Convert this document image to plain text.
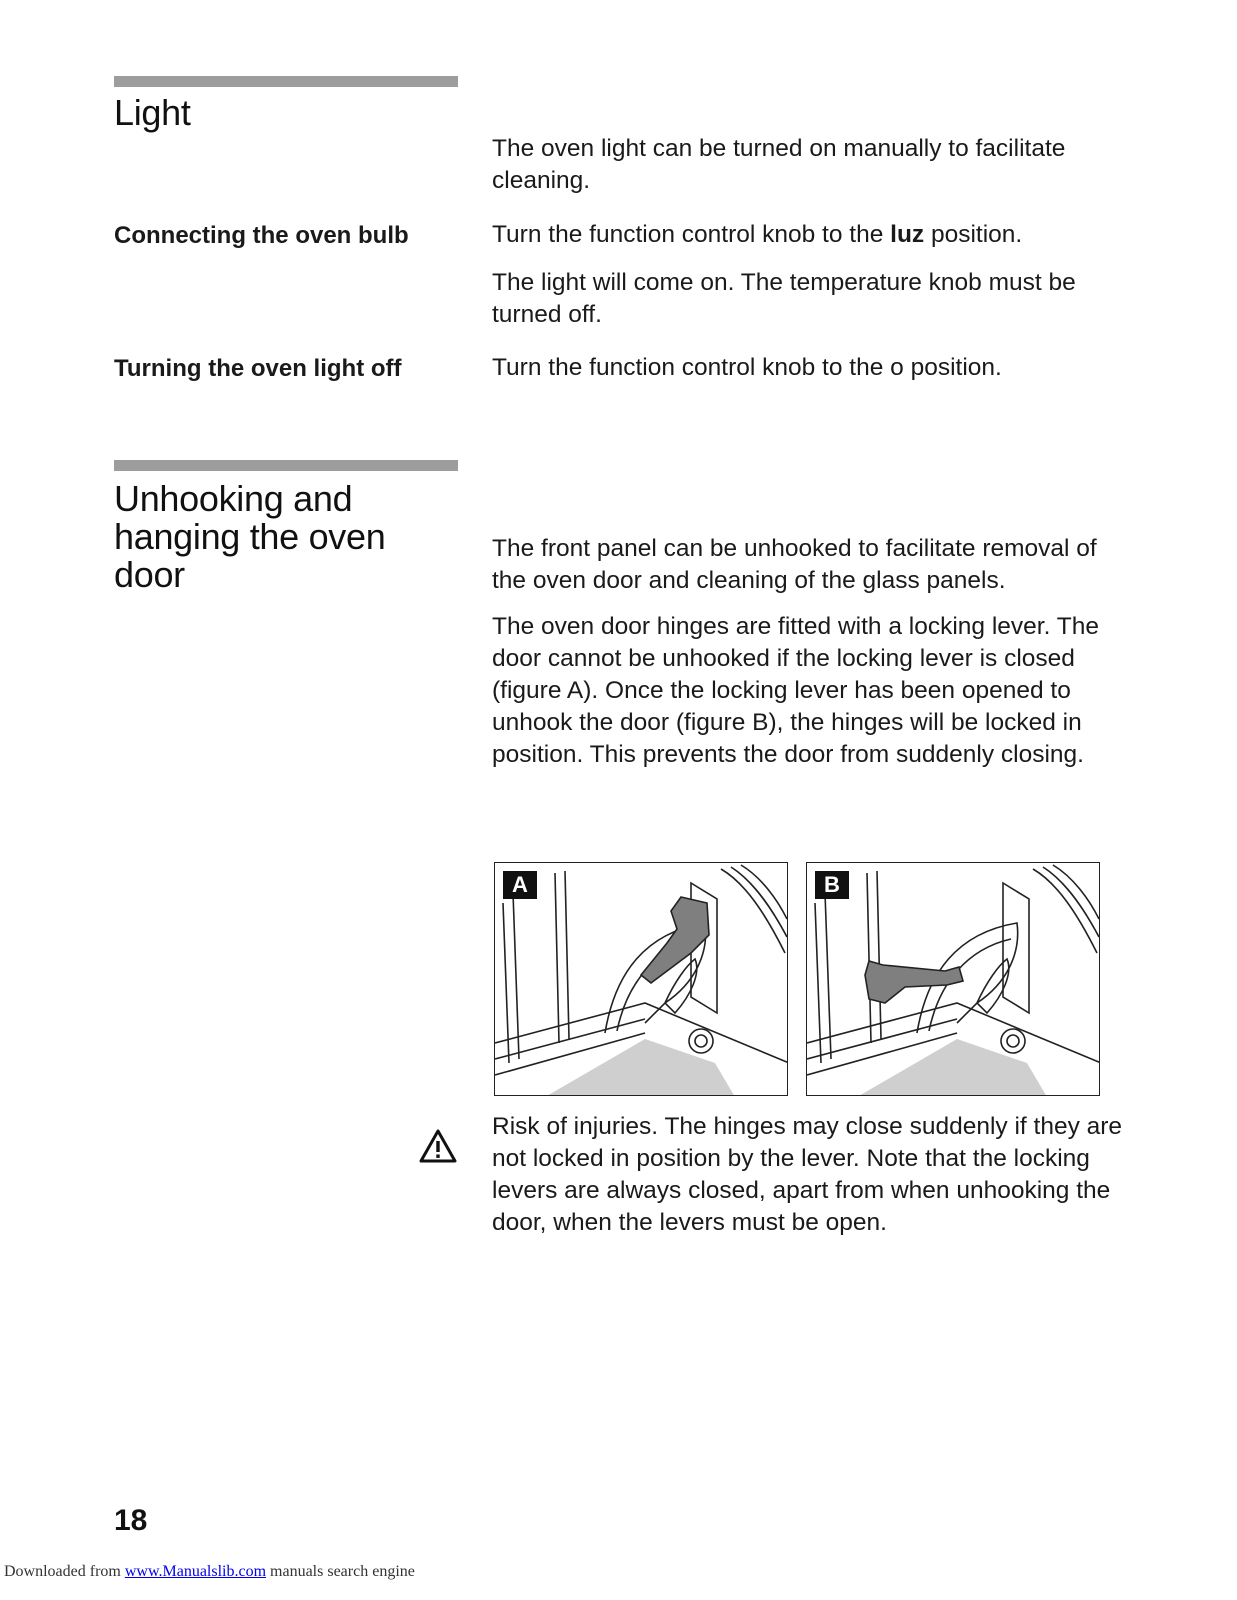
Light

The oven light can be turned on manually to facilitate cleaning.

Connecting the oven bulb	Turn the function control knob to the luz position.

The light will come on. The temperature knob must be turned off.

Turning the oven light off	Turn the function control knob to the o position.

Unhooking and hanging the oven door

The front panel can be unhooked to facilitate removal of the oven door and cleaning of the glass panels.

The oven door hinges are fitted with a locking lever. The door cannot be unhooked if the locking lever is closed (figure A). Once the locking lever has been opened to unhook the door (figure B), the hinges will be locked in position. This prevents the door from suddenly closing.

A	B

Risk of injuries. The hinges may close suddenly if they are not locked in position by the lever. Note that the locking levers are always closed, apart from when unhooking the door, when the levers must be open.

18
Downloaded from www.Manualslib.com manuals search engine
